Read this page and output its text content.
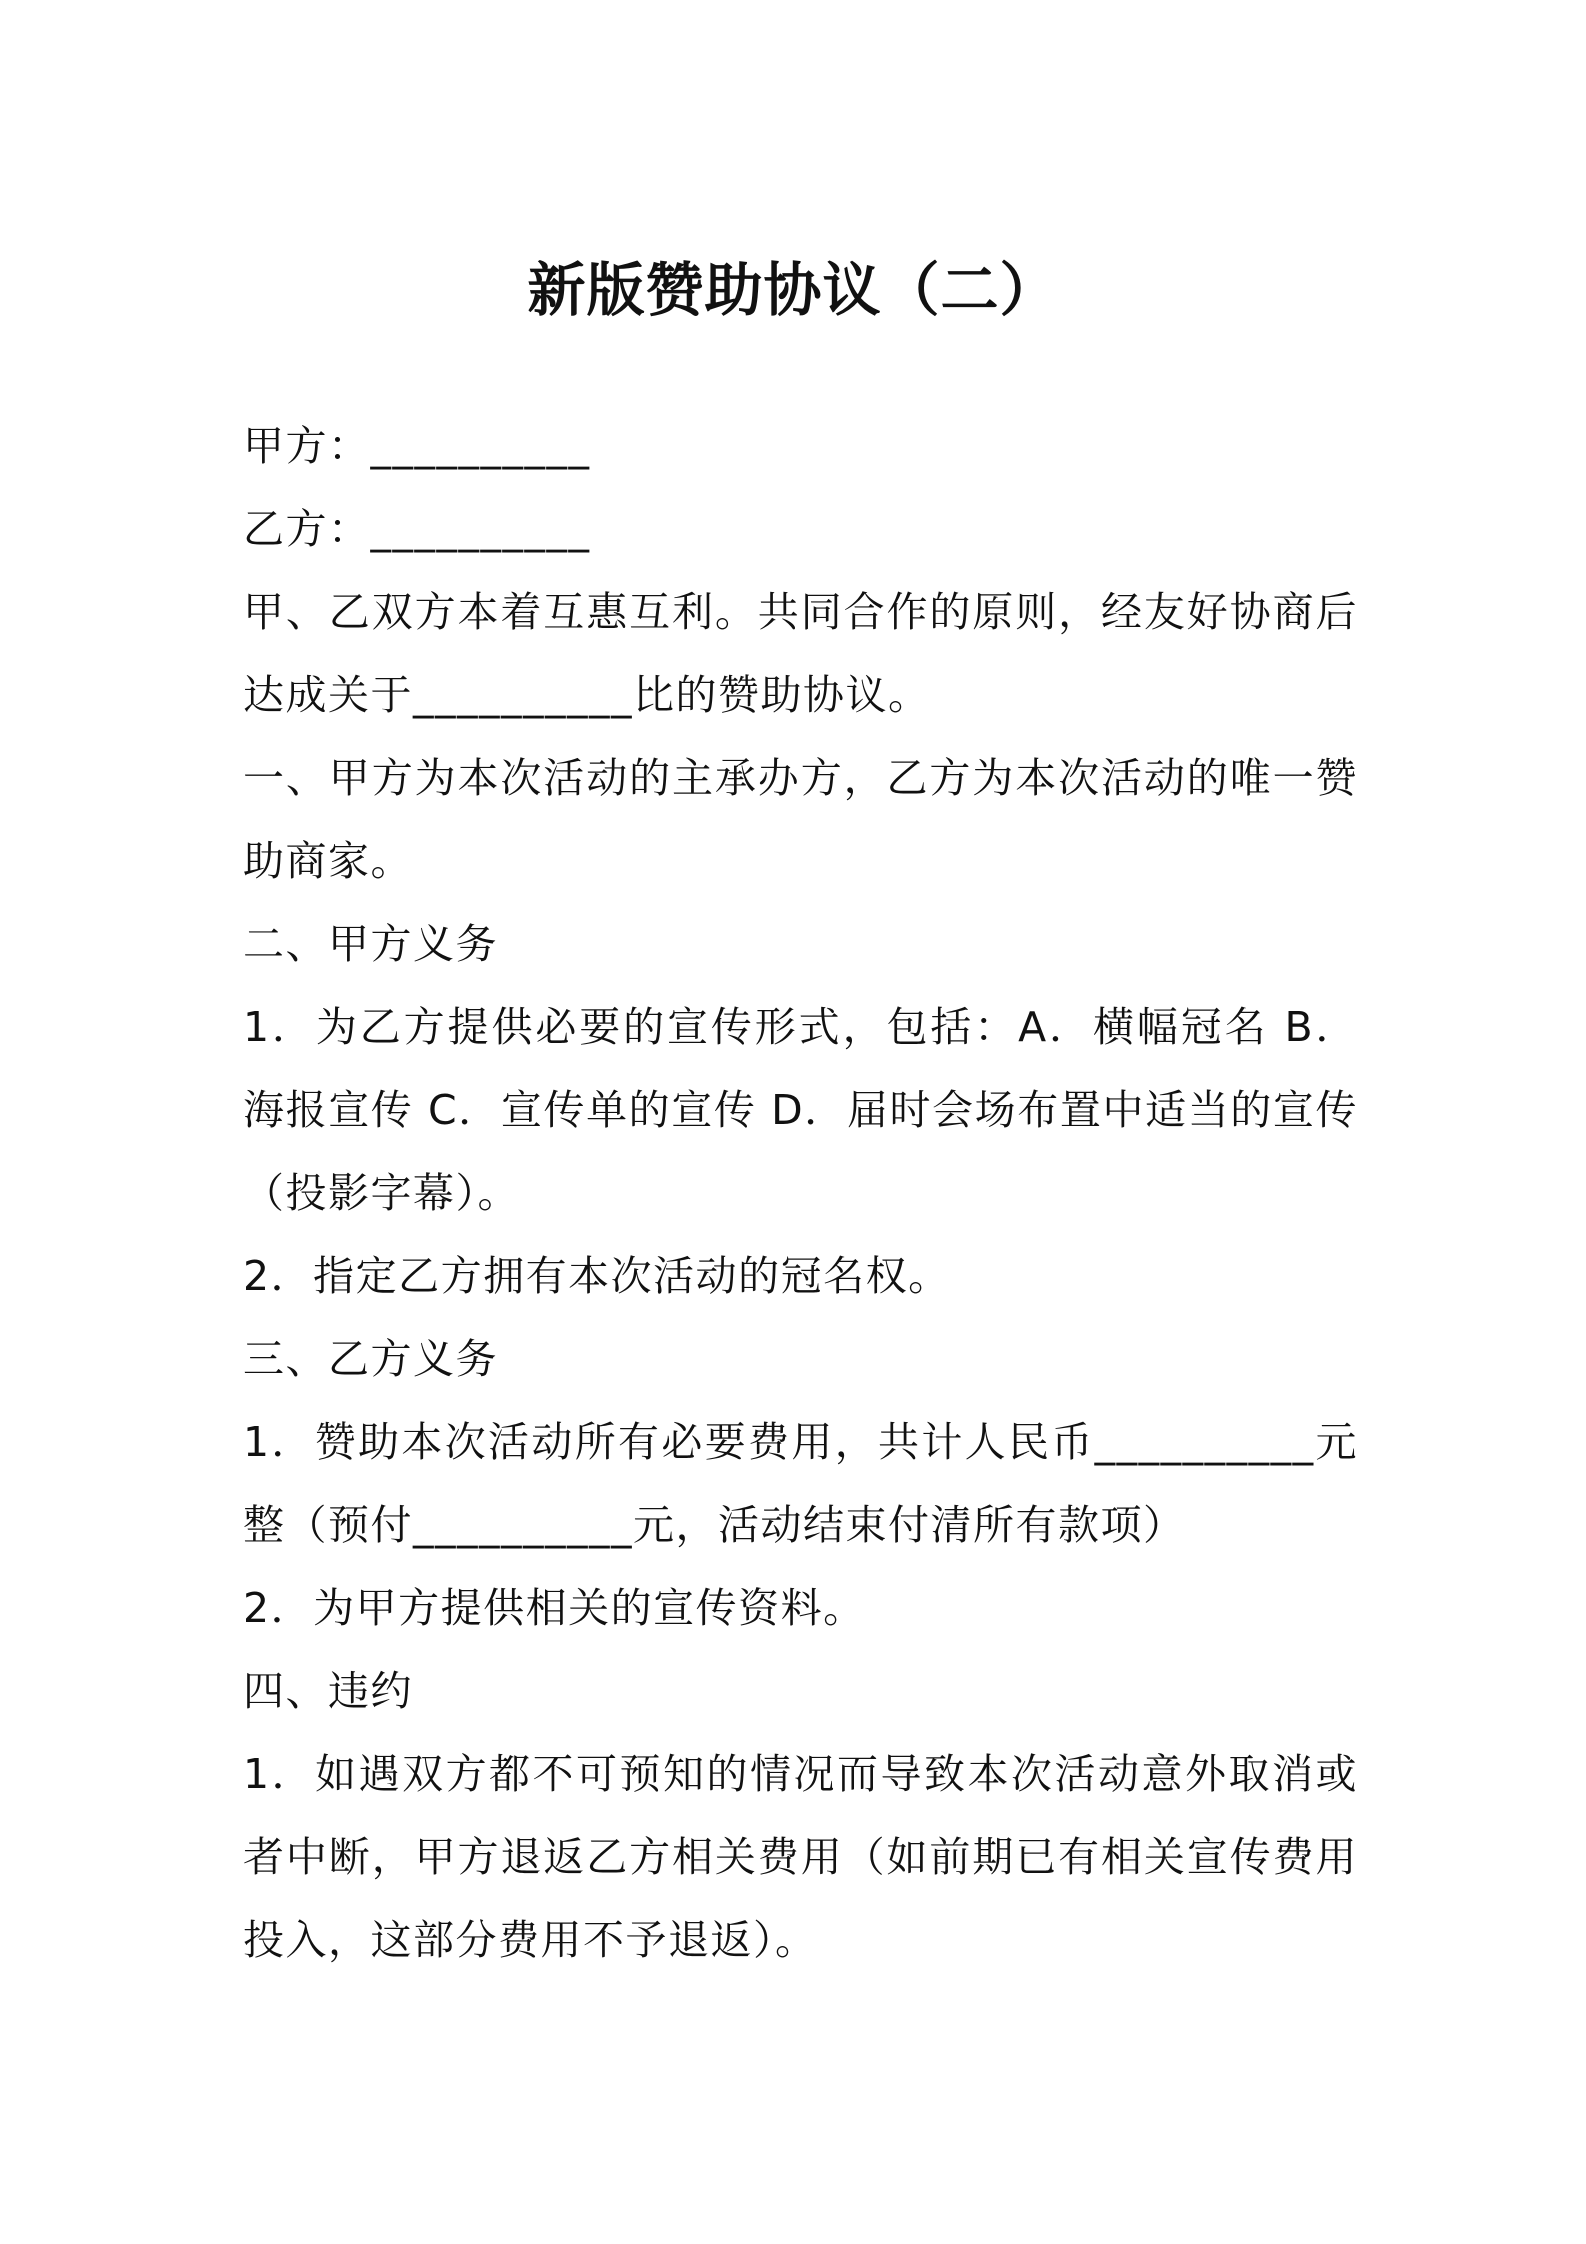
新版赞助协议（二）

甲方：__________

乙方：__________

甲、乙双方本着互惠互利。共同合作的原则，经友好协商后达成关于__________比的赞助协议。

一、甲方为本次活动的主承办方，乙方为本次活动的唯一赞助商家。

二、甲方义务

1．为乙方提供必要的宣传形式，包括：A．横幅冠名 B．海报宣传 C．宣传单的宣传 D．届时会场布置中适当的宣传（投影字幕）。

2．指定乙方拥有本次活动的冠名权。

三、乙方义务

1．赞助本次活动所有必要费用，共计人民币__________元整（预付__________元，活动结束付清所有款项）

2．为甲方提供相关的宣传资料。

四、违约

1．如遇双方都不可预知的情况而导致本次活动意外取消或者中断，甲方退返乙方相关费用（如前期已有相关宣传费用投入，这部分费用不予退返）。
